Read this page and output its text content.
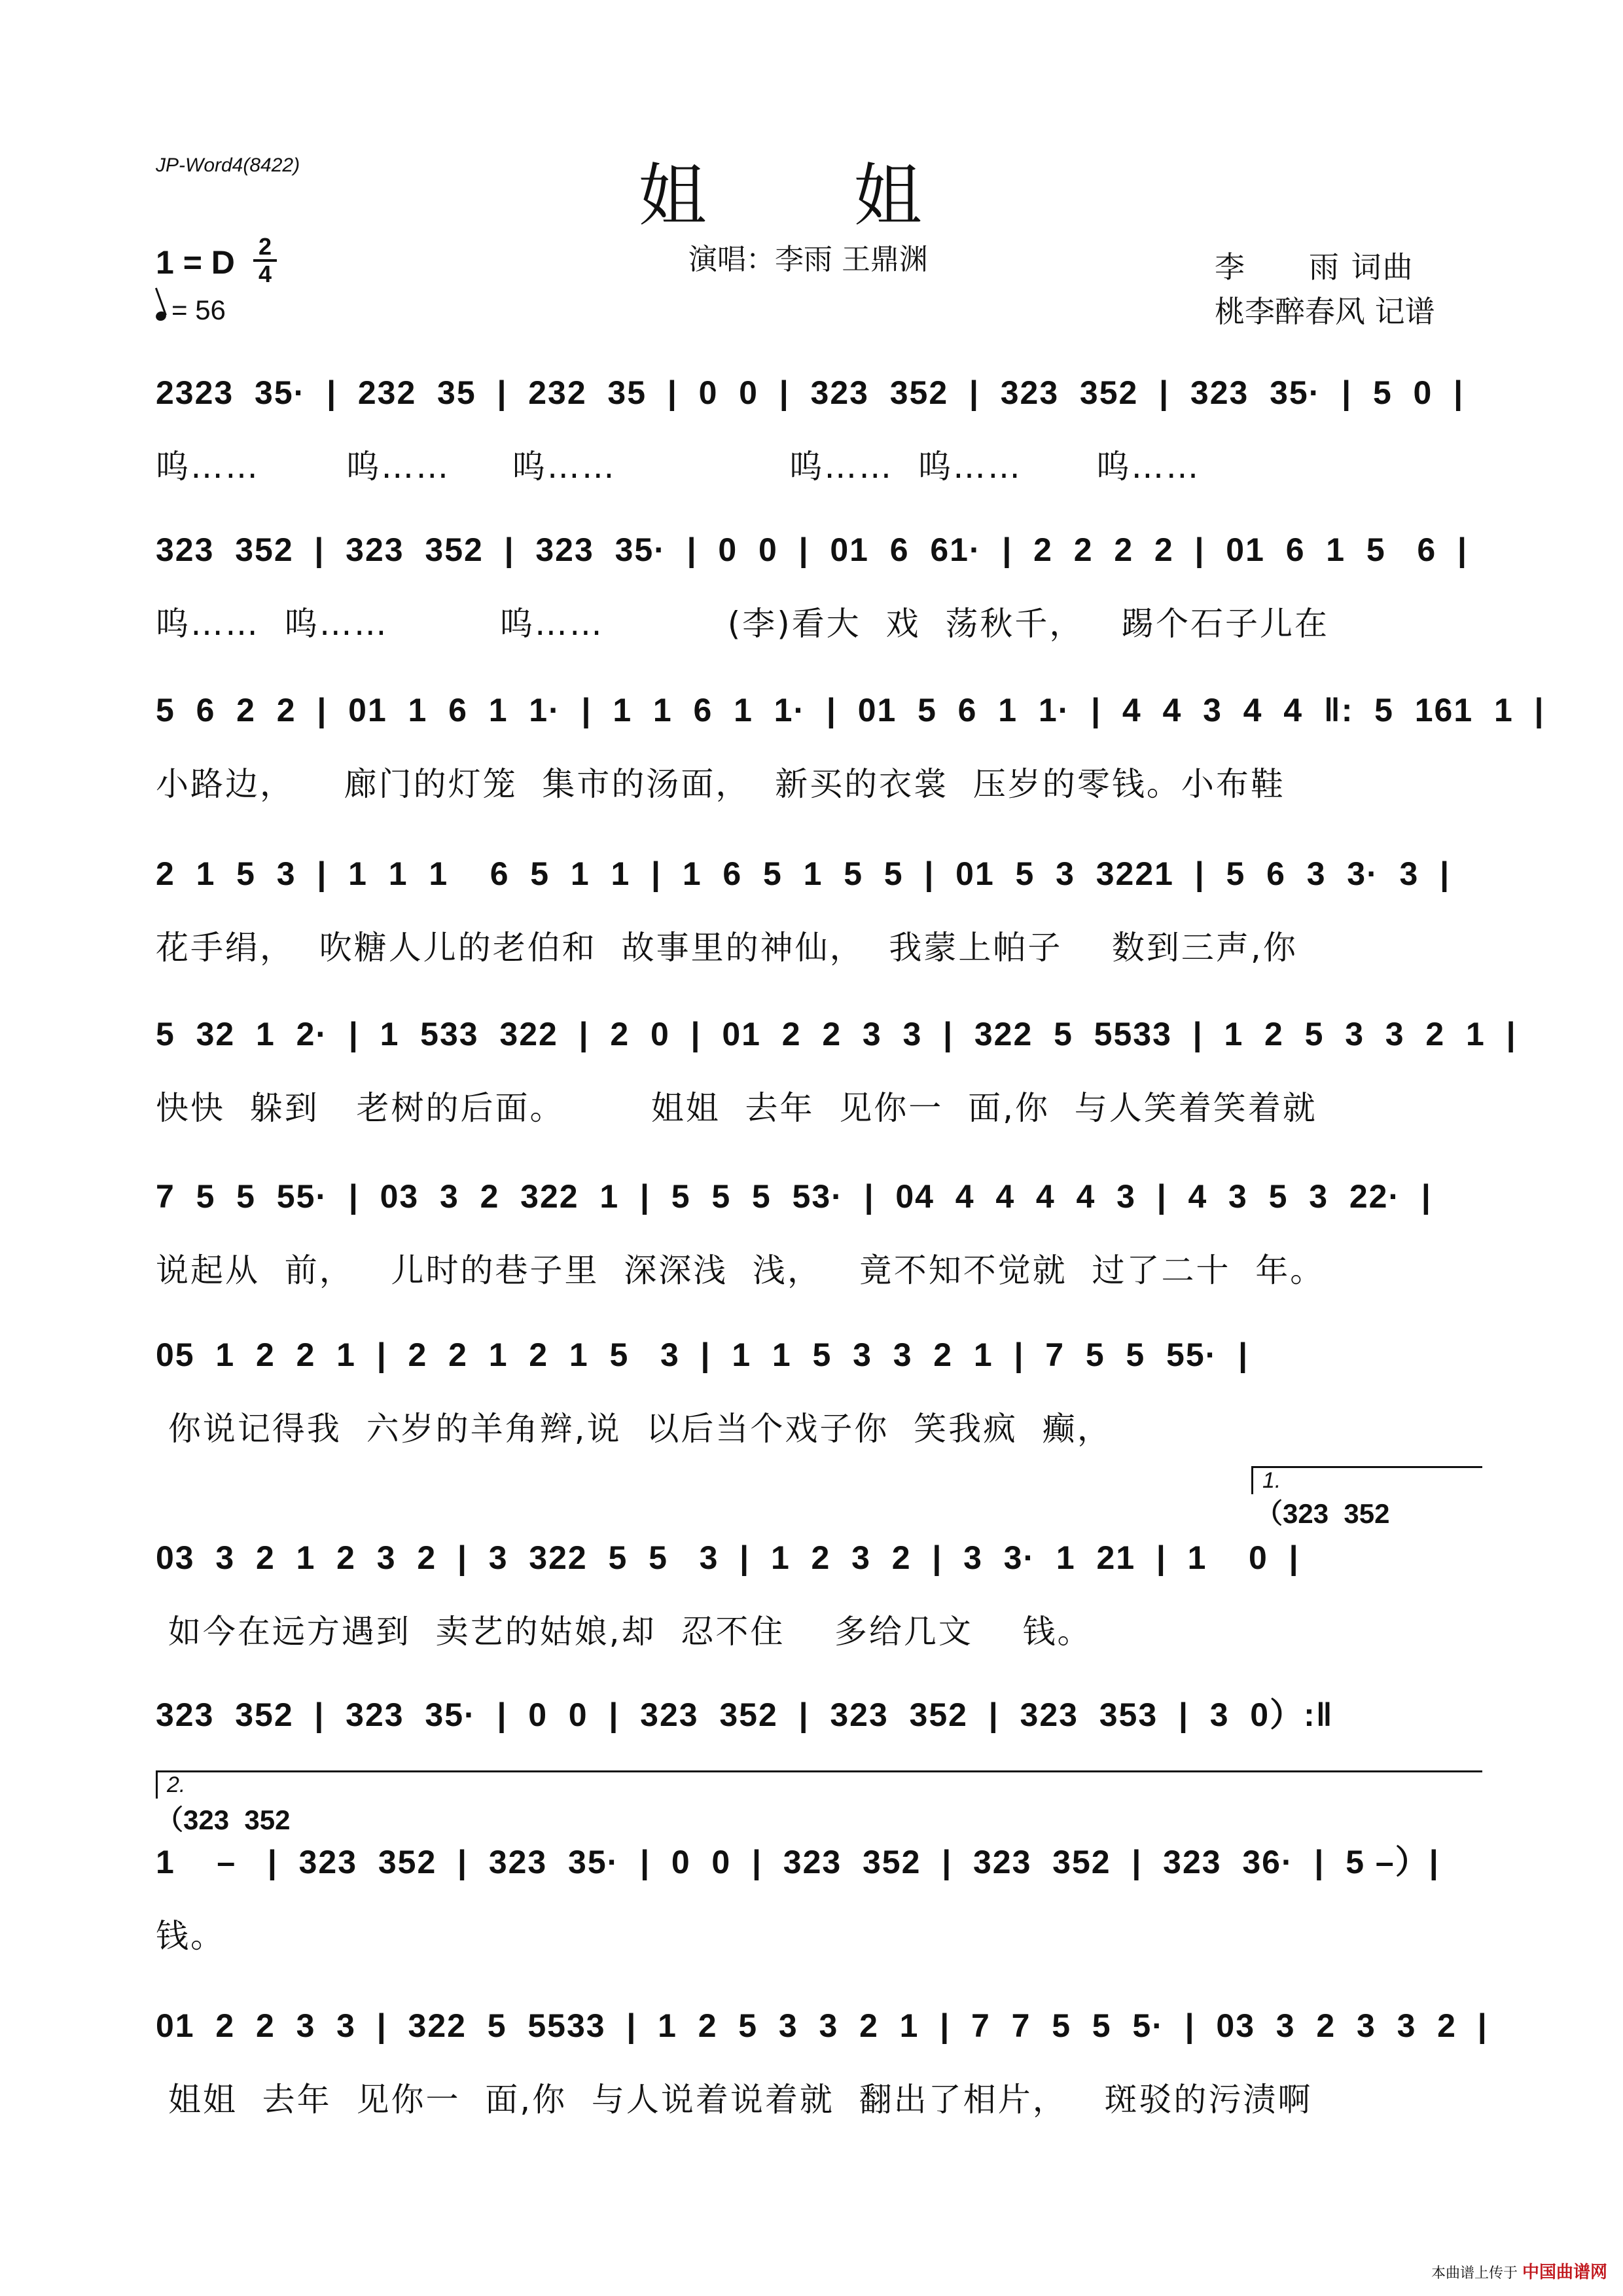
JP-Word4(8422)	姐 姐
演唱：李雨 王鼎渊	李　　雨 词曲
桃李醉春风 记谱
1 = D 2
4
= 56
2323  35·  |  232  35  |  232  35  |  0  0  |  323  352  |  323  352  |  323  35·  |  5  0  |
呜……       呜……     呜……              呜……  呜……      呜……
323  352  |  323  352  |  323  35·  |  0  0  |  01  6  61·  |  2  2  2  2  |  01  6  1  5   6  |
呜……  呜……         呜……          (李)看大  戏  荡秋千，   踢个石子儿在
5  6  2  2  |  01  1  6  1  1·  |  1  1  6  1  1·  |  01  5  6  1  1·  |  4  4  3  4  4  ‖:  5  161  1  |
小路边，    廊门的灯笼  集市的汤面，  新买的衣裳  压岁的零钱。小布鞋
2  1  5  3  |  1  1  1    6  5  1  1  |  1  6  5  1  5  5  |  01  5  3  3221  |  5  6  3  3·  3  |
花手绢，  吹糖人儿的老伯和  故事里的神仙，  我蒙上帕子    数到三声,你
5  32  1  2·  |  1  533  322  |  2  0  |  01  2  2  3  3  |  322  5  5533  |  1  2  5  3  3  2  1  |
快快  躲到   老树的后面。       姐姐  去年  见你一  面,你  与人笑着笑着就
7  5  5  55·  |  03  3  2  322  1  |  5  5  5  53·  |  04  4  4  4  4  3  |  4  3  5  3  22·  |
说起从  前，   儿时的巷子里  深深浅  浅，   竟不知不觉就  过了二十  年。
05  1  2  2  1  |  2  2  1  2  1  5   3  |  1  1  5  3  3  2  1  |  7  5  5  55·  |
你说记得我  六岁的羊角辫,说  以后当个戏子你  笑我疯  癫，
1.
（323  352
03  3  2  1  2  3  2  |  3  322  5  5   3  |  1  2  3  2  |  3  3·  1  21  |  1    0  |
如今在远方遇到  卖艺的姑娘,却  忍不住    多给几文    钱。
323  352  |  323  35·  |  0  0  |  323  352  |  323  352  |  323  353  |  3  0）:‖
2.
（323  352
1    –   |  323  352  |  323  35·  |  0  0  |  323  352  |  323  352  |  323  36·  |  5 –）|
钱。
01  2  2  3  3  |  322  5  5533  |  1  2  5  3  3  2  1  |  7  7  5  5  5·  |  03  3  2  3  3  2  |
姐姐  去年  见你一  面,你  与人说着说着就  翻出了相片，   斑驳的污渍啊
本曲谱上传于 中国曲谱网
